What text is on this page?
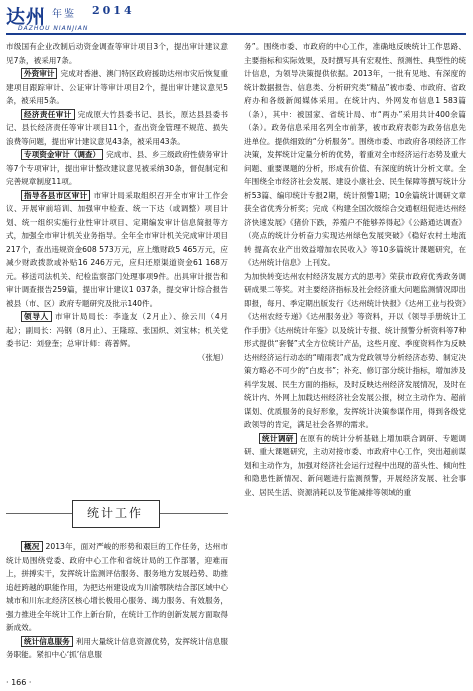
达州 年鉴 2014
DAZHOU NIANJIAN

市级国有企业改制后动资金调查等审计项目3个，提出审计建议意见7条，被采用7条。

外资审计 完成对香港、澳门特区政府援助达州市灾后恢复重建项目跟踪审计、公证审计等审计项目2个，提出审计建议意见5条，被采用5条。

经济责任审计 完成原大竹县委书记、县长，原达县县委书记、县长经济责任等审计项目11个，查出资金管理不规范、损失浪费等问题，提出审计建议意见43条，被采用43条。

专项资金审计（调查） 完成市、县、乡三级政府性债务审计等7个专项审计，提出审计整改建议意见被采纳30条，督促制定和完善规章制度11项。

指导各县市区审计 市审计局采取组织召开全市审计工作会议、开展审前培训、加强审中检查、统一下达（或调整）项目计划、统一组织实施行业性审计项目、定期编发审计信息简报等方式，加强全市审计机关业务指导。全年全市审计机关完成审计项目217个，查出违规资金608 573万元，应上缴财政5 465万元，应减少财政拨款或补贴16 246万元，应归还原渠道资金61 168万元。移送司法机关、纪检监察部门处理事项9件。出具审计报告和审计调查报告259篇，提出审计建议1 037条，提交审计综合报告被县（市、区）政府专题研究及批示140件。

领导人 市审计局局长：李逢友（2月止）、徐云川（4月起）；副局长：冯钢（8月止）、王隆琼、张国炽、刘宝林；机关党委书记：刘登奎；总审计师：蒋普辉。

（张旭）

统计工作

概况 2013年，面对严峻的形势和艰巨的工作任务，达州市统计局围绕党委、政府中心工作和省统计局的工作部署，迎难而上，拼搏实干，发挥统计监测评估服务、服务地方发展趋势、助推追赶跨越的职能作用，为把达州建设成为川渝鄂陕结合部区域中心城市和川东北经济区核心增长极用心服务、竭力服务、有效服务，强力推进全年统计工作上新台阶，在统计工作的创新发展方面取得新成效。

统计信息服务 利用大量统计信息资源优势，发挥统计信息服务职能。紧扣中心‘抓’信息服

务”。围绕市委、市政府的中心工作，准确地反映统计工作思路、主要指标和实际效果，及时撰写具有宏观性、预测性、典型性的统计信息，为领导决策提供依据。2013年，一批有见地、有深度的统计数据报告、信息类、分析研究类“精品”被市委、市政府、省政府办和各级新闻媒体采用。在统计内、外网发布信息1 583篇（条），其中：被国家、省统计局、市“两办”采用共计400余篇（条）。政务信息采用名列全市前茅，被市政府表彰为政务信息先进单位。提供细致的“分析服务”。围绕市委、市政府各项经济工作决策，发挥统计定量分析的优势，着重对全市经济运行态势及重大问题、重要课题的分析，形成有价值、有深度的统计分析文章。全年围绕全市经济社会发展、建设小康社会、民生保障等撰写统计分析53篇、编印统计专报2期，统计预警1期；10余篇统计调研文章获全省优秀分析奖；完成《构建全国次级综合交通枢纽促进达州经济快速发展》《猪价下跌，养殖户不能够养得起》《公路通达调查》（亮点的统计分析奋力实现达州绿色发展突破》《稳好农村土地流转 提高农业产出效益增加农民收入》等10多篇统计课题研究，在《达州统计信息》上刊发。

为加快转变达州农村经济发展方式的思考》荣获市政府优秀政务调研成果二等奖。对主要经济指标及社会经济重大问题监测情况即出即报，每月、季定期出版发行《达州统计快报》《达州工业与投资》《达州农经专递》《达州服务业》等资料，开以《领导手册统计工作手册》《达州统计年鉴》以及统计专报、统计预警分析资料等7种形式提供“套餐”式全方位统计产品，这些月度、季度资料作为反映达州经济运行动态的“晴雨表”成为党政领导分析经济态势、制定决策方略必不可少的“白皮书”；补充、修订部分统计指标，增加涉及科学发展、民生方面的指标，及时反映达州经济发展情况，及时在统计内、外网上加载达州经济社会发展公报，树立主动作为、超前谋划、优质服务的良好形象，发挥统计决策参谋作用，得到各级党政领导的肯定，满足社会各界的需求。

统计调研 在原有的统计分析基础上增加联合调研、专题调研、重大课题研究，主动对接市委、市政府中心工作，突出超前谋划和主动作为，加强对经济社会运行过程中出现的苗头性、倾向性和隐患性新情况、新问题进行监测预警，开展经济发展、社会事业、居民生活、资源消耗以及节能减排等领域的重

· 166 ·
